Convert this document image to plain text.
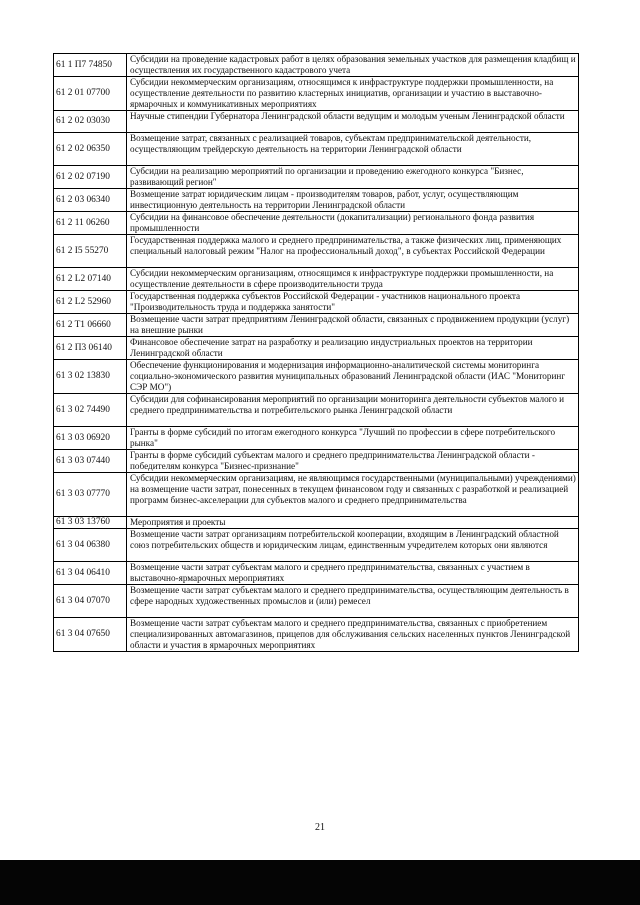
61 1 П7 74850	Субсидии на проведение кадастровых работ в целях образования земельных участков для размещения кладбищ и осуществления их государственного кадастрового учета
61 2 01 07700	Субсидии некоммерческим организациям, относящимся к инфраструктуре поддержки промышленности, на осуществление деятельности по развитию кластерных инициатив, организации и участию в выставочно-ярмарочных и коммуникативных мероприятиях
61 2 02 03030	Научные стипендии Губернатора Ленинградской области ведущим и молодым ученым Ленинградской области
61 2 02 06350	Возмещение затрат, связанных с реализацией товаров, субъектам предпринимательской деятельности, осуществляющим трейдерскую деятельность на территории Ленинградской области
61 2 02 07190	Субсидии на реализацию мероприятий по организации и проведению ежегодного конкурса "Бизнес, развивающий регион"
61 2 03 06340	Возмещение затрат юридическим лицам - производителям товаров, работ, услуг, осуществляющим инвестиционную деятельность на территории Ленинградской области
61 2 11 06260	Субсидии на финансовое обеспечение деятельности (докапитализации) регионального фонда развития промышленности
61 2 I5 55270	Государственная поддержка малого и среднего предпринимательства, а также физических лиц, применяющих специальный налоговый режим "Налог на профессиональный доход", в субъектах Российской Федерации
61 2 L2 07140	Субсидии некоммерческим организациям, относящимся к инфраструктуре поддержки промышленности, на осуществление деятельности в сфере производительности труда
61 2 L2 52960	Государственная поддержка субъектов Российской Федерации - участников национального проекта "Производительность труда и поддержка занятости"
61 2 T1 06660	Возмещение части затрат предприятиям Ленинградской области, связанных с продвижением продукции (услуг) на внешние рынки
61 2 П3 06140	Финансовое обеспечение затрат на разработку и реализацию индустриальных проектов на территории Ленинградской области
61 3 02 13830	Обеспечение функционирования и модернизация информационно-аналитической системы мониторинга социально-экономического развития муниципальных образований Ленинградской области (ИАС "Мониторинг СЭР МО")
61 3 02 74490	Субсидии для софинансирования мероприятий по организации мониторинга деятельности субъектов малого и среднего предпринимательства и потребительского рынка Ленинградской области
61 3 03 06920	Гранты в форме субсидий по итогам ежегодного конкурса "Лучший по профессии в сфере потребительского рынка"
61 3 03 07440	Гранты в форме субсидий субъектам малого и среднего предпринимательства Ленинградской области - победителям конкурса "Бизнес-признание"
61 3 03 07770	Субсидии некоммерческим организациям, не являющимся государственными (муниципальными) учреждениями) на возмещение части затрат, понесенных в текущем финансовом году и связанных с разработкой и реализацией программ бизнес-акселерации для субъектов малого и среднего предпринимательства
61 3 03 13760	Мероприятия и проекты
61 3 04 06380	Возмещение части затрат организациям потребительской кооперации, входящим в Ленинградский областной союз потребительских обществ и юридическим лицам, единственным учредителем которых они являются
61 3 04 06410	Возмещение части затрат субъектам малого и среднего предпринимательства, связанных с участием в выставочно-ярмарочных мероприятиях
61 3 04 07070	Возмещение части затрат субъектам малого и среднего предпринимательства, осуществляющим деятельность в сфере народных художественных промыслов и (или) ремесел
61 3 04 07650	Возмещение части затрат субъектам малого и среднего предпринимательства, связанных с приобретением специализированных автомагазинов, прицепов для обслуживания сельских населенных пунктов Ленинградской области и участия в ярмарочных мероприятиях
21
